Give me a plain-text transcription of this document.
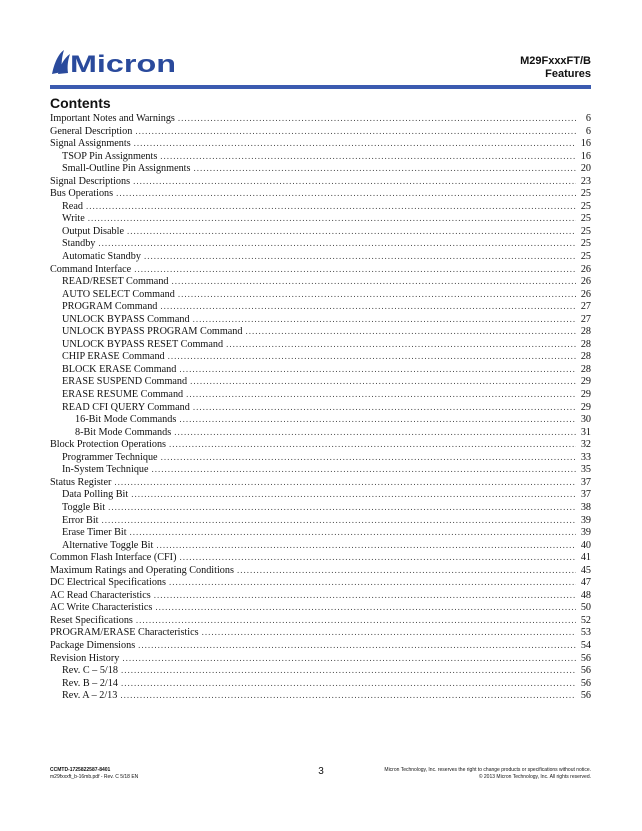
Micron	M29FxxxFT/B
Features
Contents
Important Notes and Warnings .....	6
General Description .....	6
Signal Assignments .....	16
TSOP Pin Assignments .....	16
Small-Outline Pin Assignments .....	20
Signal Descriptions .....	23
Bus Operations .....	25
Read .....	25
Write .....	25
Output Disable .....	25
Standby .....	25
Automatic Standby .....	25
Command Interface .....	26
READ/RESET Command .....	26
AUTO SELECT Command .....	26
PROGRAM Command .....	27
UNLOCK BYPASS Command .....	27
UNLOCK BYPASS PROGRAM Command .....	28
UNLOCK BYPASS RESET Command .....	28
CHIP ERASE Command .....	28
BLOCK ERASE Command .....	28
ERASE SUSPEND Command .....	29
ERASE RESUME Command .....	29
READ CFI QUERY Command .....	29
16-Bit Mode Commands .....	30
8-Bit Mode Commands .....	31
Block Protection Operations .....	32
Programmer Technique .....	33
In-System Technique .....	35
Status Register .....	37
Data Polling Bit .....	37
Toggle Bit .....	38
Error Bit .....	39
Erase Timer Bit .....	39
Alternative Toggle Bit .....	40
Common Flash Interface (CFI) .....	41
Maximum Ratings and Operating Conditions .....	45
DC Electrical Specifications .....	47
AC Read Characteristics .....	48
AC Write Characteristics .....	50
Reset Specifications .....	52
PROGRAM/ERASE Characteristics .....	53
Package Dimensions .....	54
Revision History .....	56
Rev. C – 5/18 .....	56
Rev. B – 2/14 .....	56
Rev. A – 2/13 .....	56
CCMTD-1725822587-8401
m29fxxxft_b-16mb.pdf - Rev. C 5/18 EN	3	Micron Technology, Inc. reserves the right to change products or specifications without notice.
© 2013 Micron Technology, Inc. All rights reserved.
